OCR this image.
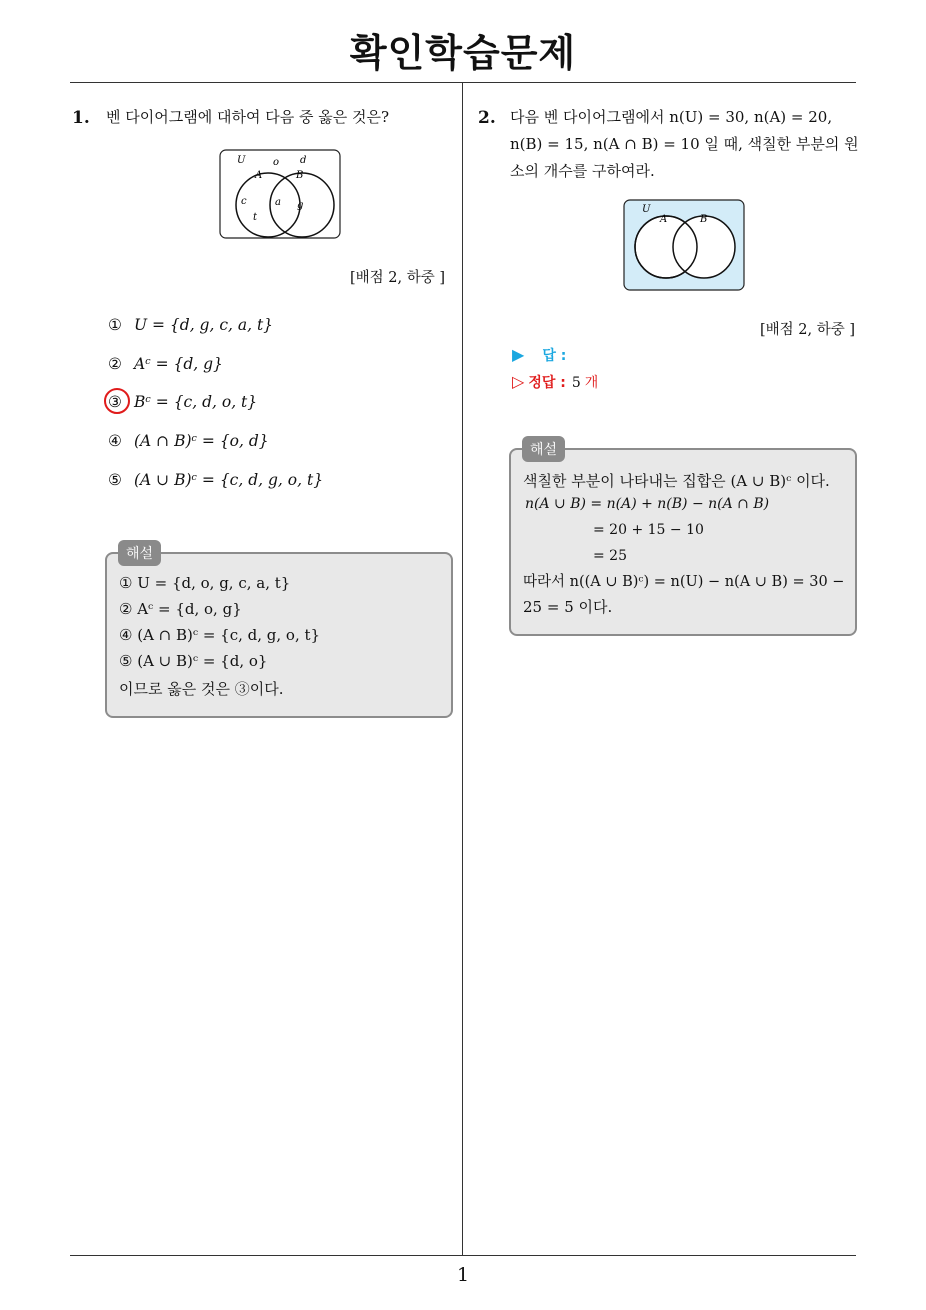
확인학습문제
1. 벤 다이어그램에 대하여 다음 중 옳은 것은?
U
A	B
o d
c	a
t
g
[배점 2, 하중 ]
① U = {d, g, c, a, t}
② Aᶜ = {d, g}
③ Bᶜ = {c, d, o, t}
④ (A ∩ B)ᶜ = {o, d}
⑤ (A ∪ B)ᶜ = {c, d, g, o, t}
① U = {d, o, g, c, a, t}
② Aᶜ = {d, o, g}
④ (A ∩ B)ᶜ = {c, d, g, o, t}
⑤ (A ∪ B)ᶜ = {d, o}
이므로 옳은 것은 ③이다.
해설
2. 다음 벤 다이어그램에서 n(U) = 30, n(A) = 20,
n(B) = 15, n(A ∩ B) = 10 일 때, 색칠한 부분의 원
소의 개수를 구하여라.
U
A	B
[배점 2, 하중 ]
▶ 답 :
▷ 정답 : 5 개
색칠한 부분이 나타내는 집합은 (A ∪ B)ᶜ 이다.
n(A ∪ B) = n(A) + n(B) − n(A ∩ B)
= 20 + 15 − 10
= 25
따라서 n((A ∪ B)ᶜ) = n(U) − n(A ∪ B) = 30 −
25 = 5 이다.
해설
1
